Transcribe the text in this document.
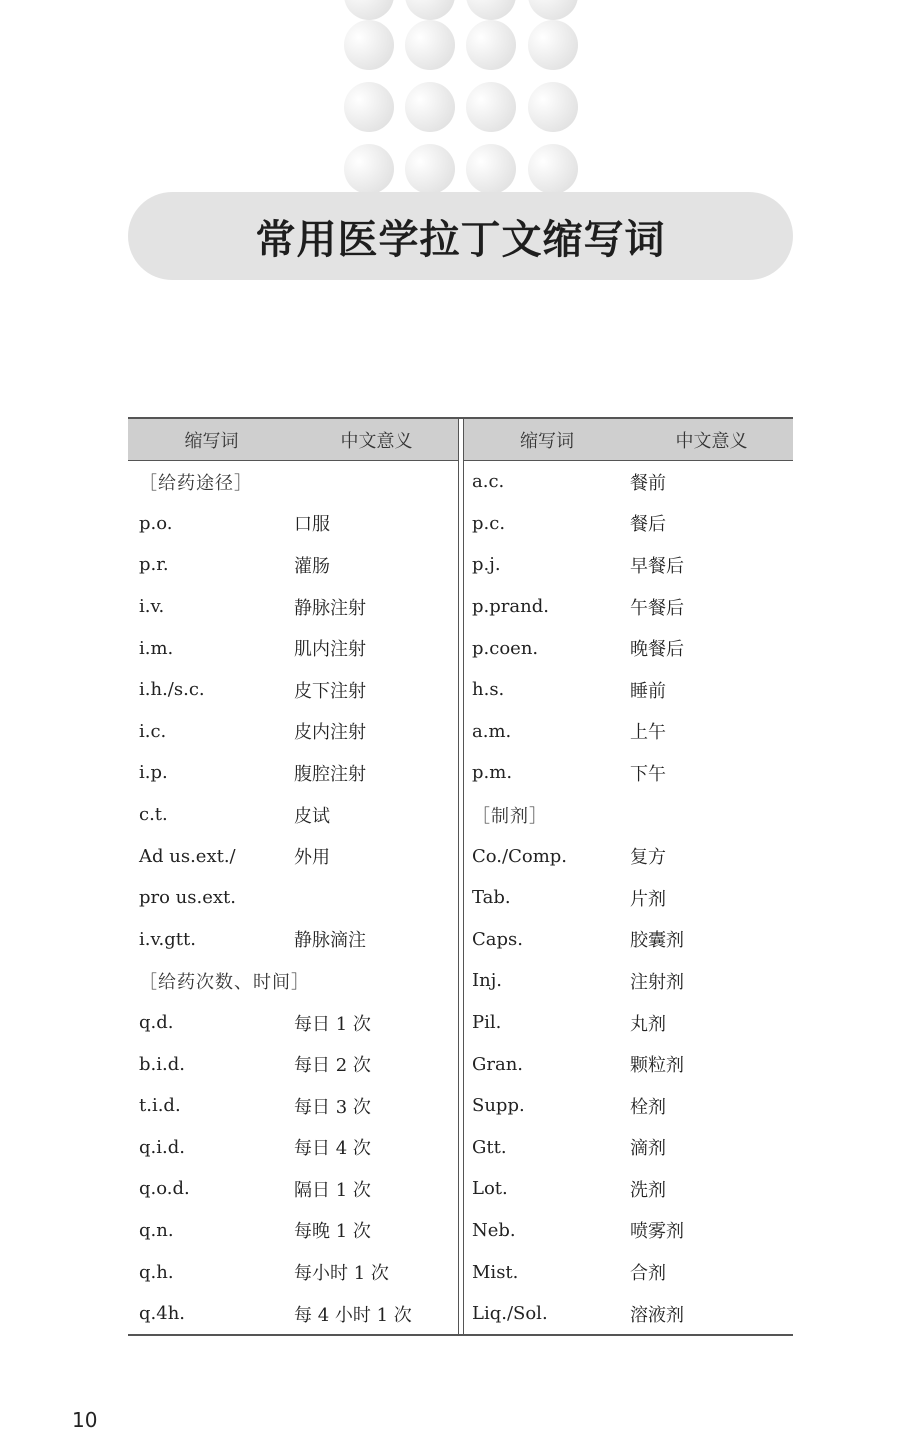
常用医学拉丁文缩写词
缩写词	中文意义
［给药途径］
p.o.	口服
p.r.	灌肠
i.v.	静脉注射
i.m.	肌内注射
i.h./s.c.	皮下注射
i.c.	皮内注射
i.p.	腹腔注射
c.t.	皮试
Ad us.ext./	外用
pro us.ext.
i.v.gtt.	静脉滴注
［给药次数、时间］
q.d.	每日 1 次
b.i.d.	每日 2 次
t.i.d.	每日 3 次
q.i.d.	每日 4 次
q.o.d.	隔日 1 次
q.n.	每晚 1 次
q.h.	每小时 1 次
q.4h.	每 4 小时 1 次
缩写词	中文意义
a.c.	餐前
p.c.	餐后
p.j.	早餐后
p.prand.	午餐后
p.coen.	晚餐后
h.s.	睡前
a.m.	上午
p.m.	下午
［制剂］
Co./Comp.	复方
Tab.	片剂
Caps.	胶囊剂
Inj.	注射剂
Pil.	丸剂
Gran.	颗粒剂
Supp.	栓剂
Gtt.	滴剂
Lot.	洗剂
Neb.	喷雾剂
Mist.	合剂
Liq./Sol.	溶液剂
10
